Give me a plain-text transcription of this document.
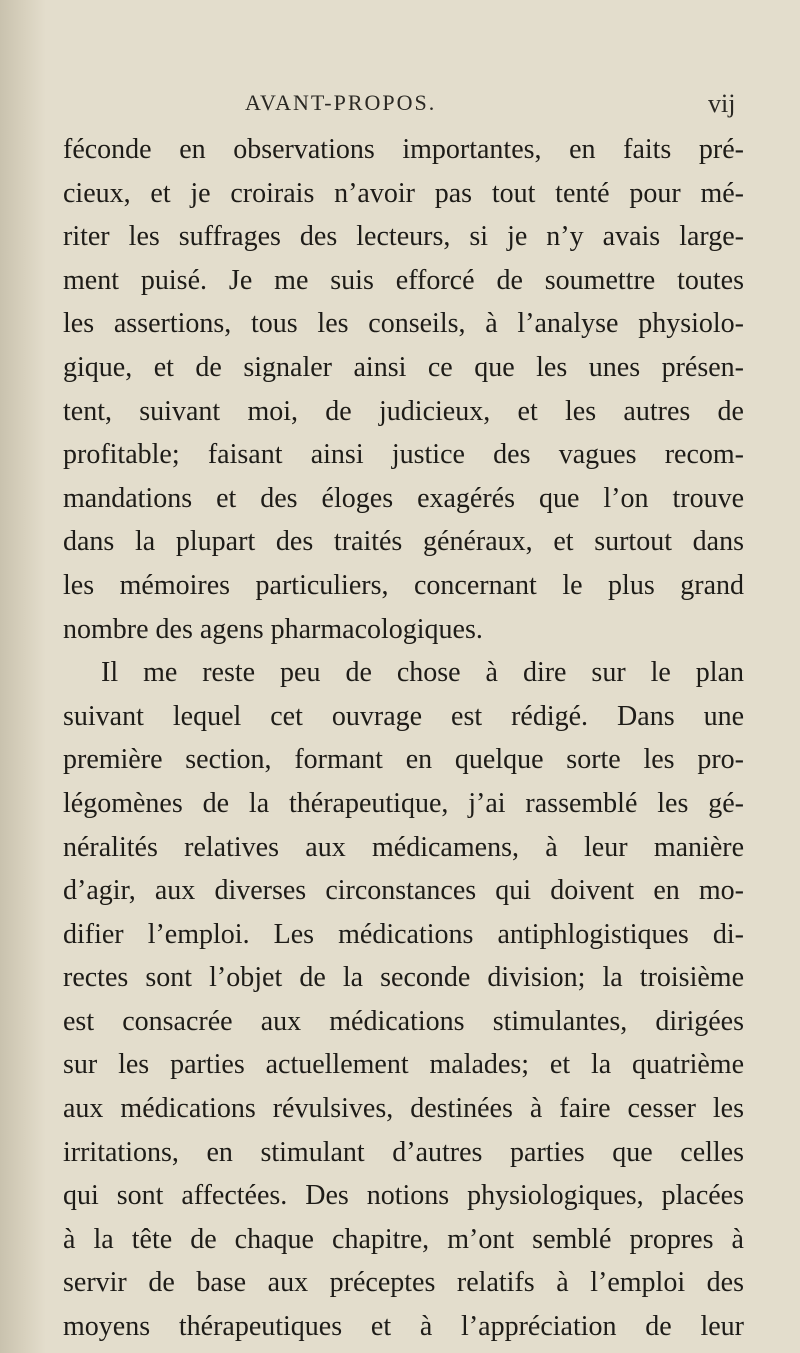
AVANT-PROPOS.	vij
féconde en observations importantes, en faits pré-
cieux, et je croirais n’avoir pas tout tenté pour mé-
riter les suffrages des lecteurs, si je n’y avais large-
ment puisé. Je me suis efforcé de soumettre toutes
les assertions, tous les conseils, à l’analyse physiolo-
gique, et de signaler ainsi ce que les unes présen-
tent, suivant moi, de judicieux, et les autres de
profitable; faisant ainsi justice des vagues recom-
mandations et des éloges exagérés que l’on trouve
dans la plupart des traités généraux, et surtout dans
les mémoires particuliers, concernant le plus grand
nombre des agens pharmacologiques.
Il me reste peu de chose à dire sur le plan
suivant lequel cet ouvrage est rédigé. Dans une
première section, formant en quelque sorte les pro-
légomènes de la thérapeutique, j’ai rassemblé les gé-
néralités relatives aux médicamens, à leur manière
d’agir, aux diverses circonstances qui doivent en mo-
difier l’emploi. Les médications antiphlogistiques di-
rectes sont l’objet de la seconde division; la troisième
est consacrée aux médications stimulantes, dirigées
sur les parties actuellement malades; et la quatrième
aux médications révulsives, destinées à faire cesser les
irritations, en stimulant d’autres parties que celles
qui sont affectées. Des notions physiologiques, placées
à la tête de chaque chapitre, m’ont semblé propres à
servir de base aux préceptes relatifs à l’emploi des
moyens thérapeutiques et à l’appréciation de leur
